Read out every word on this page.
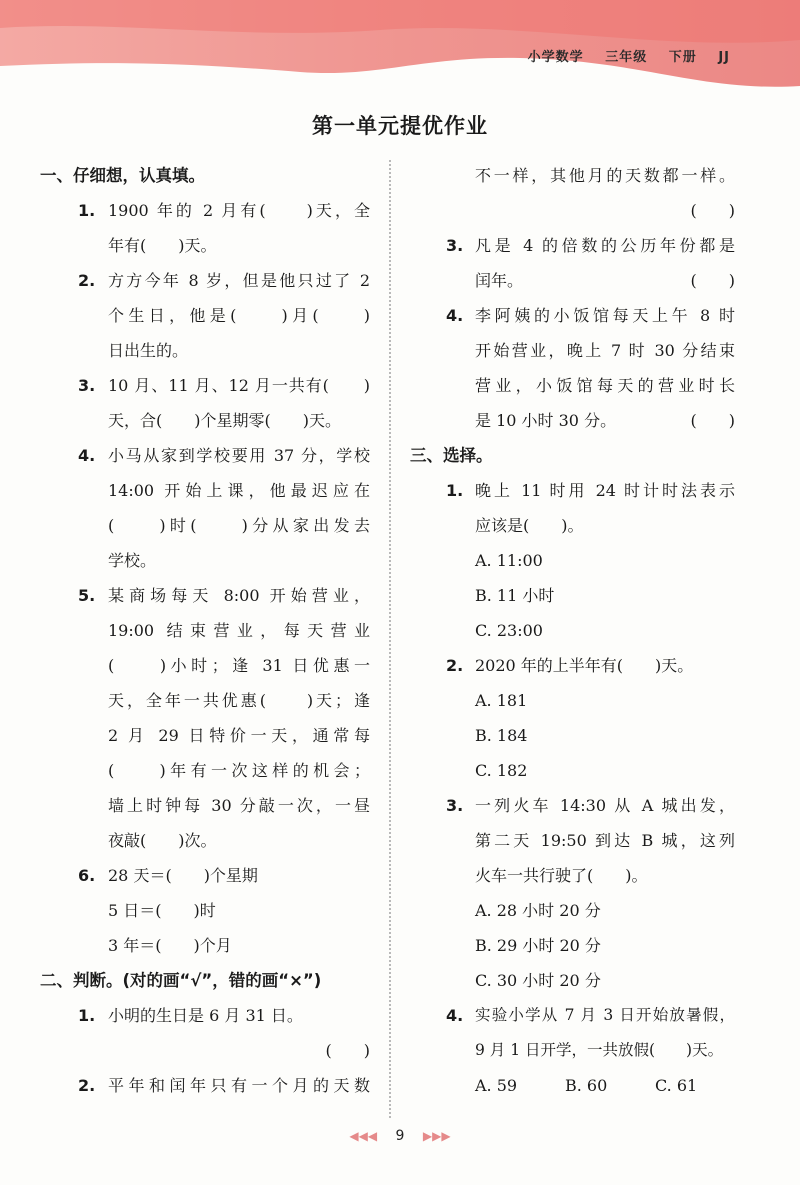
小学数学 三年级 下册 JJ
第一单元提优作业
一、仔细想，认真填。
1. 1900 年的 2 月有(　　)天，全
年有(　　)天。
2. 方方今年 8 岁，但是他只过了 2
个生日，他是(　　)月(　　)
日出生的。
3. 10 月、11 月、12 月一共有(　　)
天，合(　　)个星期零(　　)天。
4. 小马从家到学校要用 37 分，学校
14:00 开始上课，他最迟应在
(　　)时(　　)分从家出发去
学校。
5. 某商场每天 8:00 开始营业，
19:00 结束营业，每天营业
(　　)小时；逢 31 日优惠一
天，全年一共优惠(　　)天；逢
2 月 29 日特价一天，通常每
(　　)年有一次这样的机会；
墙上时钟每 30 分敲一次，一昼
夜敲(　　)次。
6. 28 天＝(　　)个星期
5 日＝(　　)时
3 年＝(　　)个月
二、判断。(对的画“√”，错的画“×”)
1. 小明的生日是 6 月 31 日。
(　　)
2. 平年和闰年只有一个月的天数
不一样，其他月的天数都一样。
(　　)
3. 凡是 4 的倍数的公历年份都是
闰年。	(　　)
4. 李阿姨的小饭馆每天上午 8 时
开始营业，晚上 7 时 30 分结束
营业，小饭馆每天的营业时长
是 10 小时 30 分。	(　　)
三、选择。
1. 晚上 11 时用 24 时计时法表示
应该是(　　)。
A. 11:00
B. 11 小时
C. 23:00
2. 2020 年的上半年有(　　)天。
A. 181
B. 184
C. 182
3. 一列火车 14:30 从 A 城出发，
第二天 19:50 到达 B 城，这列
火车一共行驶了(　　)。
A. 28 小时 20 分
B. 29 小时 20 分
C. 30 小时 20 分
4. 实验小学从 7 月 3 日开始放暑假，
9 月 1 日开学，一共放假(　　)天。
A. 59	B. 60	C. 61
◀◀◀ 9 ▶▶▶
